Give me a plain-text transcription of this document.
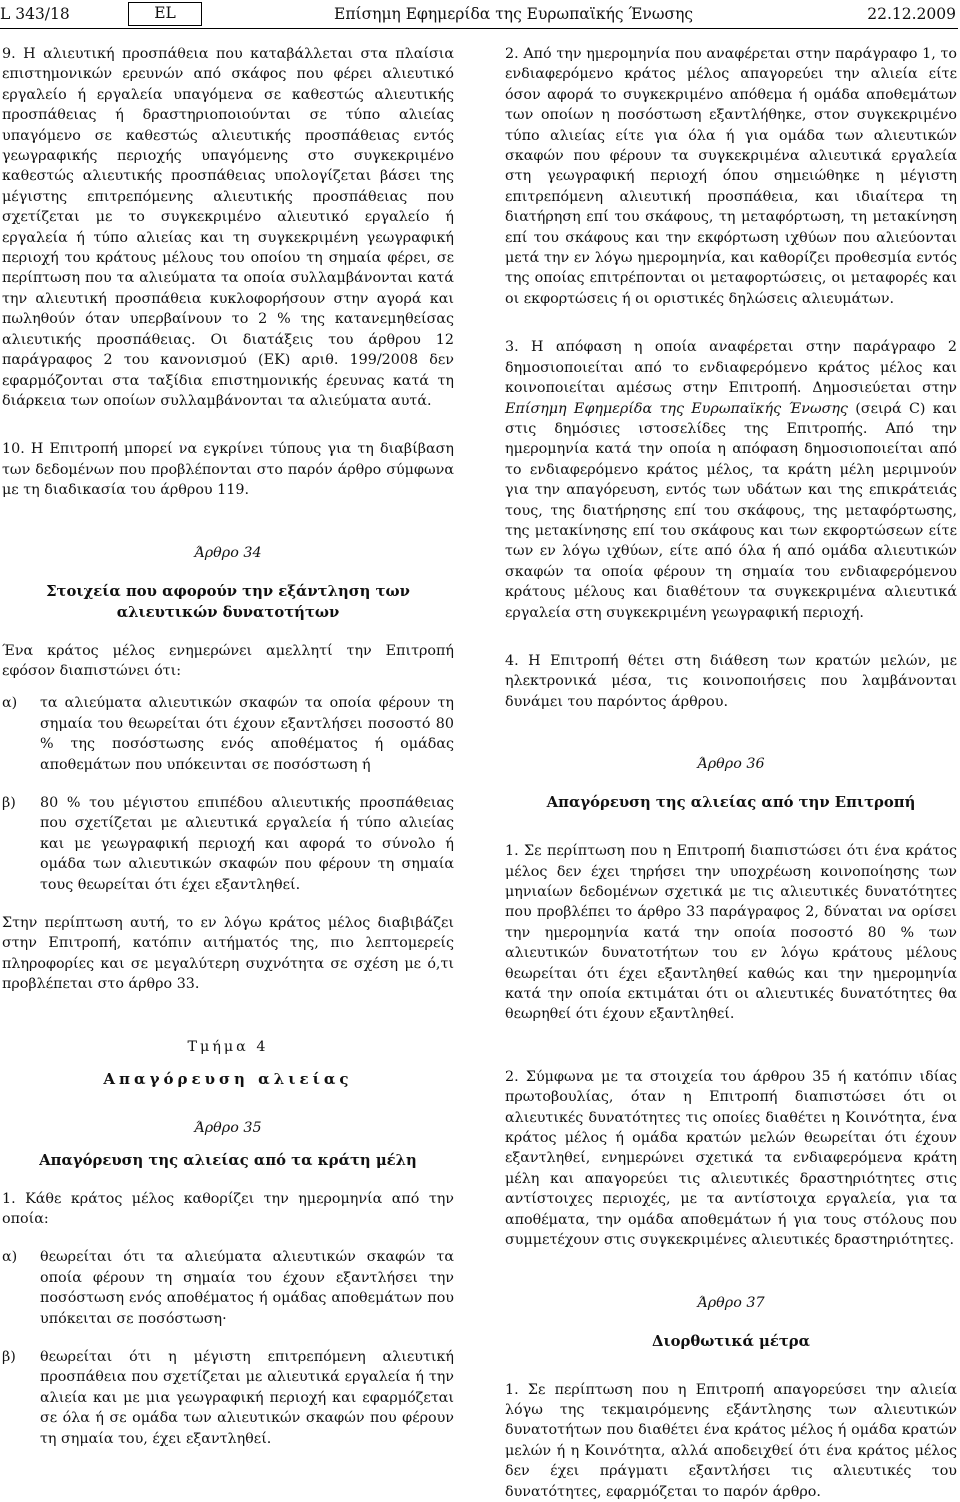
L 343/18	EL	Επίσημη Εφημερίδα της Ευρωπαϊκής Ένωσης	22.12.2009

9. Η αλιευτική προσπάθεια που καταβάλλεται στα πλαίσια επιστημονικών ερευνών από σκάφος που φέρει αλιευτικό εργαλείο ή εργαλεία υπαγόμενα σε καθεστώς αλιευτικής προσπάθειας ή δραστηριοποιούνται σε τύπο αλιείας υπαγόμενο σε καθεστώς αλιευτικής προσπάθειας εντός γεωγραφικής περιοχής υπαγόμενης στο συγκεκριμένο καθεστώς αλιευτικής προσπάθειας υπολογίζεται βάσει της μέγιστης επιτρεπόμενης αλιευτικής προσπάθειας που σχετίζεται με το συγκεκριμένο αλιευτικό εργαλείο ή εργαλεία ή τύπο αλιείας και τη συγκεκριμένη γεωγραφική περιοχή του κράτους μέλους του οποίου τη σημαία φέρει, σε περίπτωση που τα αλιεύματα τα οποία συλλαμβάνονται κατά την αλιευτική προσπάθεια κυκλοφορήσουν στην αγορά και πωληθούν όταν υπερβαίνουν το 2 % της κατανεμηθείσας αλιευτικής προσπάθειας. Οι διατάξεις του άρθρου 12 παράγραφος 2 του κανονισμού (ΕΚ) αριθ. 199/2008 δεν εφαρμόζονται στα ταξίδια επιστημονικής έρευνας κατά τη διάρκεια των οποίων συλλαμβάνονται τα αλιεύματα αυτά.

10. Η Επιτροπή μπορεί να εγκρίνει τύπους για τη διαβίβαση των δεδομένων που προβλέπονται στο παρόν άρθρο σύμφωνα με τη διαδικασία του άρθρου 119.

Άρθρο 34

Στοιχεία που αφορούν την εξάντληση των αλιευτικών δυνατοτήτων

Ένα κράτος μέλος ενημερώνει αμελλητί την Επιτροπή εφόσον διαπιστώνει ότι:

α) τα αλιεύματα αλιευτικών σκαφών τα οποία φέρουν τη σημαία του θεωρείται ότι έχουν εξαντλήσει ποσοστό 80 % της ποσόστωσης ενός αποθέματος ή ομάδας αποθεμάτων που υπόκεινται σε ποσόστωση ή

β) 80 % του μέγιστου επιπέδου αλιευτικής προσπάθειας που σχετίζεται με αλιευτικά εργαλεία ή τύπο αλιείας και με γεωγραφική περιοχή και αφορά το σύνολο ή ομάδα των αλιευτικών σκαφών που φέρουν τη σημαία τους θεωρείται ότι έχει εξαντληθεί.

Στην περίπτωση αυτή, το εν λόγω κράτος μέλος διαβιβάζει στην Επιτροπή, κατόπιν αιτήματός της, πιο λεπτομερείς πληροφορίες και σε μεγαλύτερη συχνότητα σε σχέση με ό,τι προβλέπεται στο άρθρο 33.

Τμήμα 4

Απαγόρευση αλιείας

Άρθρο 35

Απαγόρευση της αλιείας από τα κράτη μέλη

1. Κάθε κράτος μέλος καθορίζει την ημερομηνία από την οποία:

α) θεωρείται ότι τα αλιεύματα αλιευτικών σκαφών τα οποία φέρουν τη σημαία του έχουν εξαντλήσει την ποσόστωση ενός αποθέματος ή ομάδας αποθεμάτων που υπόκειται σε ποσόστωση·

β) θεωρείται ότι η μέγιστη επιτρεπόμενη αλιευτική προσπάθεια που σχετίζεται με αλιευτικά εργαλεία ή την αλιεία και με μια γεωγραφική περιοχή και εφαρμόζεται σε όλα ή σε ομάδα των αλιευτικών σκαφών που φέρουν τη σημαία του, έχει εξαντληθεί.

2. Από την ημερομηνία που αναφέρεται στην παράγραφο 1, το ενδιαφερόμενο κράτος μέλος απαγορεύει την αλιεία είτε όσον αφορά το συγκεκριμένο απόθεμα ή ομάδα αποθεμάτων των οποίων η ποσόστωση εξαντλήθηκε, στον συγκεκριμένο τύπο αλιείας είτε για όλα ή για ομάδα των αλιευτικών σκαφών που φέρουν τα συγκεκριμένα αλιευτικά εργαλεία στη γεωγραφική περιοχή όπου σημειώθηκε η μέγιστη επιτρεπόμενη αλιευτική προσπάθεια, και ιδιαίτερα τη διατήρηση επί του σκάφους, τη μεταφόρτωση, τη μετακίνηση επί του σκάφους και την εκφόρτωση ιχθύων που αλιεύονται μετά την εν λόγω ημερομηνία, και καθορίζει προθεσμία εντός της οποίας επιτρέπονται οι μεταφορτώσεις, οι μεταφορές και οι εκφορτώσεις ή οι οριστικές δηλώσεις αλιευμάτων.

3. Η απόφαση η οποία αναφέρεται στην παράγραφο 2 δημοσιοποιείται από το ενδιαφερόμενο κράτος μέλος και κοινοποιείται αμέσως στην Επιτροπή. Δημοσιεύεται στην Επίσημη Εφημερίδα της Ευρωπαϊκής Ένωσης (σειρά C) και στις δημόσιες ιστοσελίδες της Επιτροπής. Από την ημερομηνία κατά την οποία η απόφαση δημοσιοποιείται από το ενδιαφερόμενο κράτος μέλος, τα κράτη μέλη μεριμνούν για την απαγόρευση, εντός των υδάτων και της επικράτειάς τους, της διατήρησης επί του σκάφους, της μεταφόρτωσης, της μετακίνησης επί του σκάφους και των εκφορτώσεων είτε των εν λόγω ιχθύων, είτε από όλα ή από ομάδα αλιευτικών σκαφών τα οποία φέρουν τη σημαία του ενδιαφερόμενου κράτους μέλους και διαθέτουν τα συγκεκριμένα αλιευτικά εργαλεία στη συγκεκριμένη γεωγραφική περιοχή.

4. Η Επιτροπή θέτει στη διάθεση των κρατών μελών, με ηλεκτρονικά μέσα, τις κοινοποιήσεις που λαμβάνονται δυνάμει του παρόντος άρθρου.

Άρθρο 36

Απαγόρευση της αλιείας από την Επιτροπή

1. Σε περίπτωση που η Επιτροπή διαπιστώσει ότι ένα κράτος μέλος δεν έχει τηρήσει την υποχρέωση κοινοποίησης των μηνιαίων δεδομένων σχετικά με τις αλιευτικές δυνατότητες που προβλέπει το άρθρο 33 παράγραφος 2, δύναται να ορίσει την ημερομηνία κατά την οποία ποσοστό 80 % των αλιευτικών δυνατοτήτων του εν λόγω κράτους μέλους θεωρείται ότι έχει εξαντληθεί καθώς και την ημερομηνία κατά την οποία εκτιμάται ότι οι αλιευτικές δυνατότητες θα θεωρηθεί ότι έχουν εξαντληθεί.

2. Σύμφωνα με τα στοιχεία του άρθρου 35 ή κατόπιν ιδίας πρωτοβουλίας, όταν η Επιτροπή διαπιστώσει ότι οι αλιευτικές δυνατότητες τις οποίες διαθέτει η Κοινότητα, ένα κράτος μέλος ή ομάδα κρατών μελών θεωρείται ότι έχουν εξαντληθεί, ενημερώνει σχετικά τα ενδιαφερόμενα κράτη μέλη και απαγορεύει τις αλιευτικές δραστηριότητες στις αντίστοιχες περιοχές, με τα αντίστοιχα εργαλεία, για τα αποθέματα, την ομάδα αποθεμάτων ή για τους στόλους που συμμετέχουν στις συγκεκριμένες αλιευτικές δραστηριότητες.

Άρθρο 37

Διορθωτικά μέτρα

1. Σε περίπτωση που η Επιτροπή απαγορεύσει την αλιεία λόγω της τεκμαιρόμενης εξάντλησης των αλιευτικών δυνατοτήτων που διαθέτει ένα κράτος μέλος ή ομάδα κρατών μελών ή η Κοινότητα, αλλά αποδειχθεί ότι ένα κράτος μέλος δεν έχει πράγματι εξαντλήσει τις αλιευτικές του δυνατότητες, εφαρμόζεται το παρόν άρθρο.
